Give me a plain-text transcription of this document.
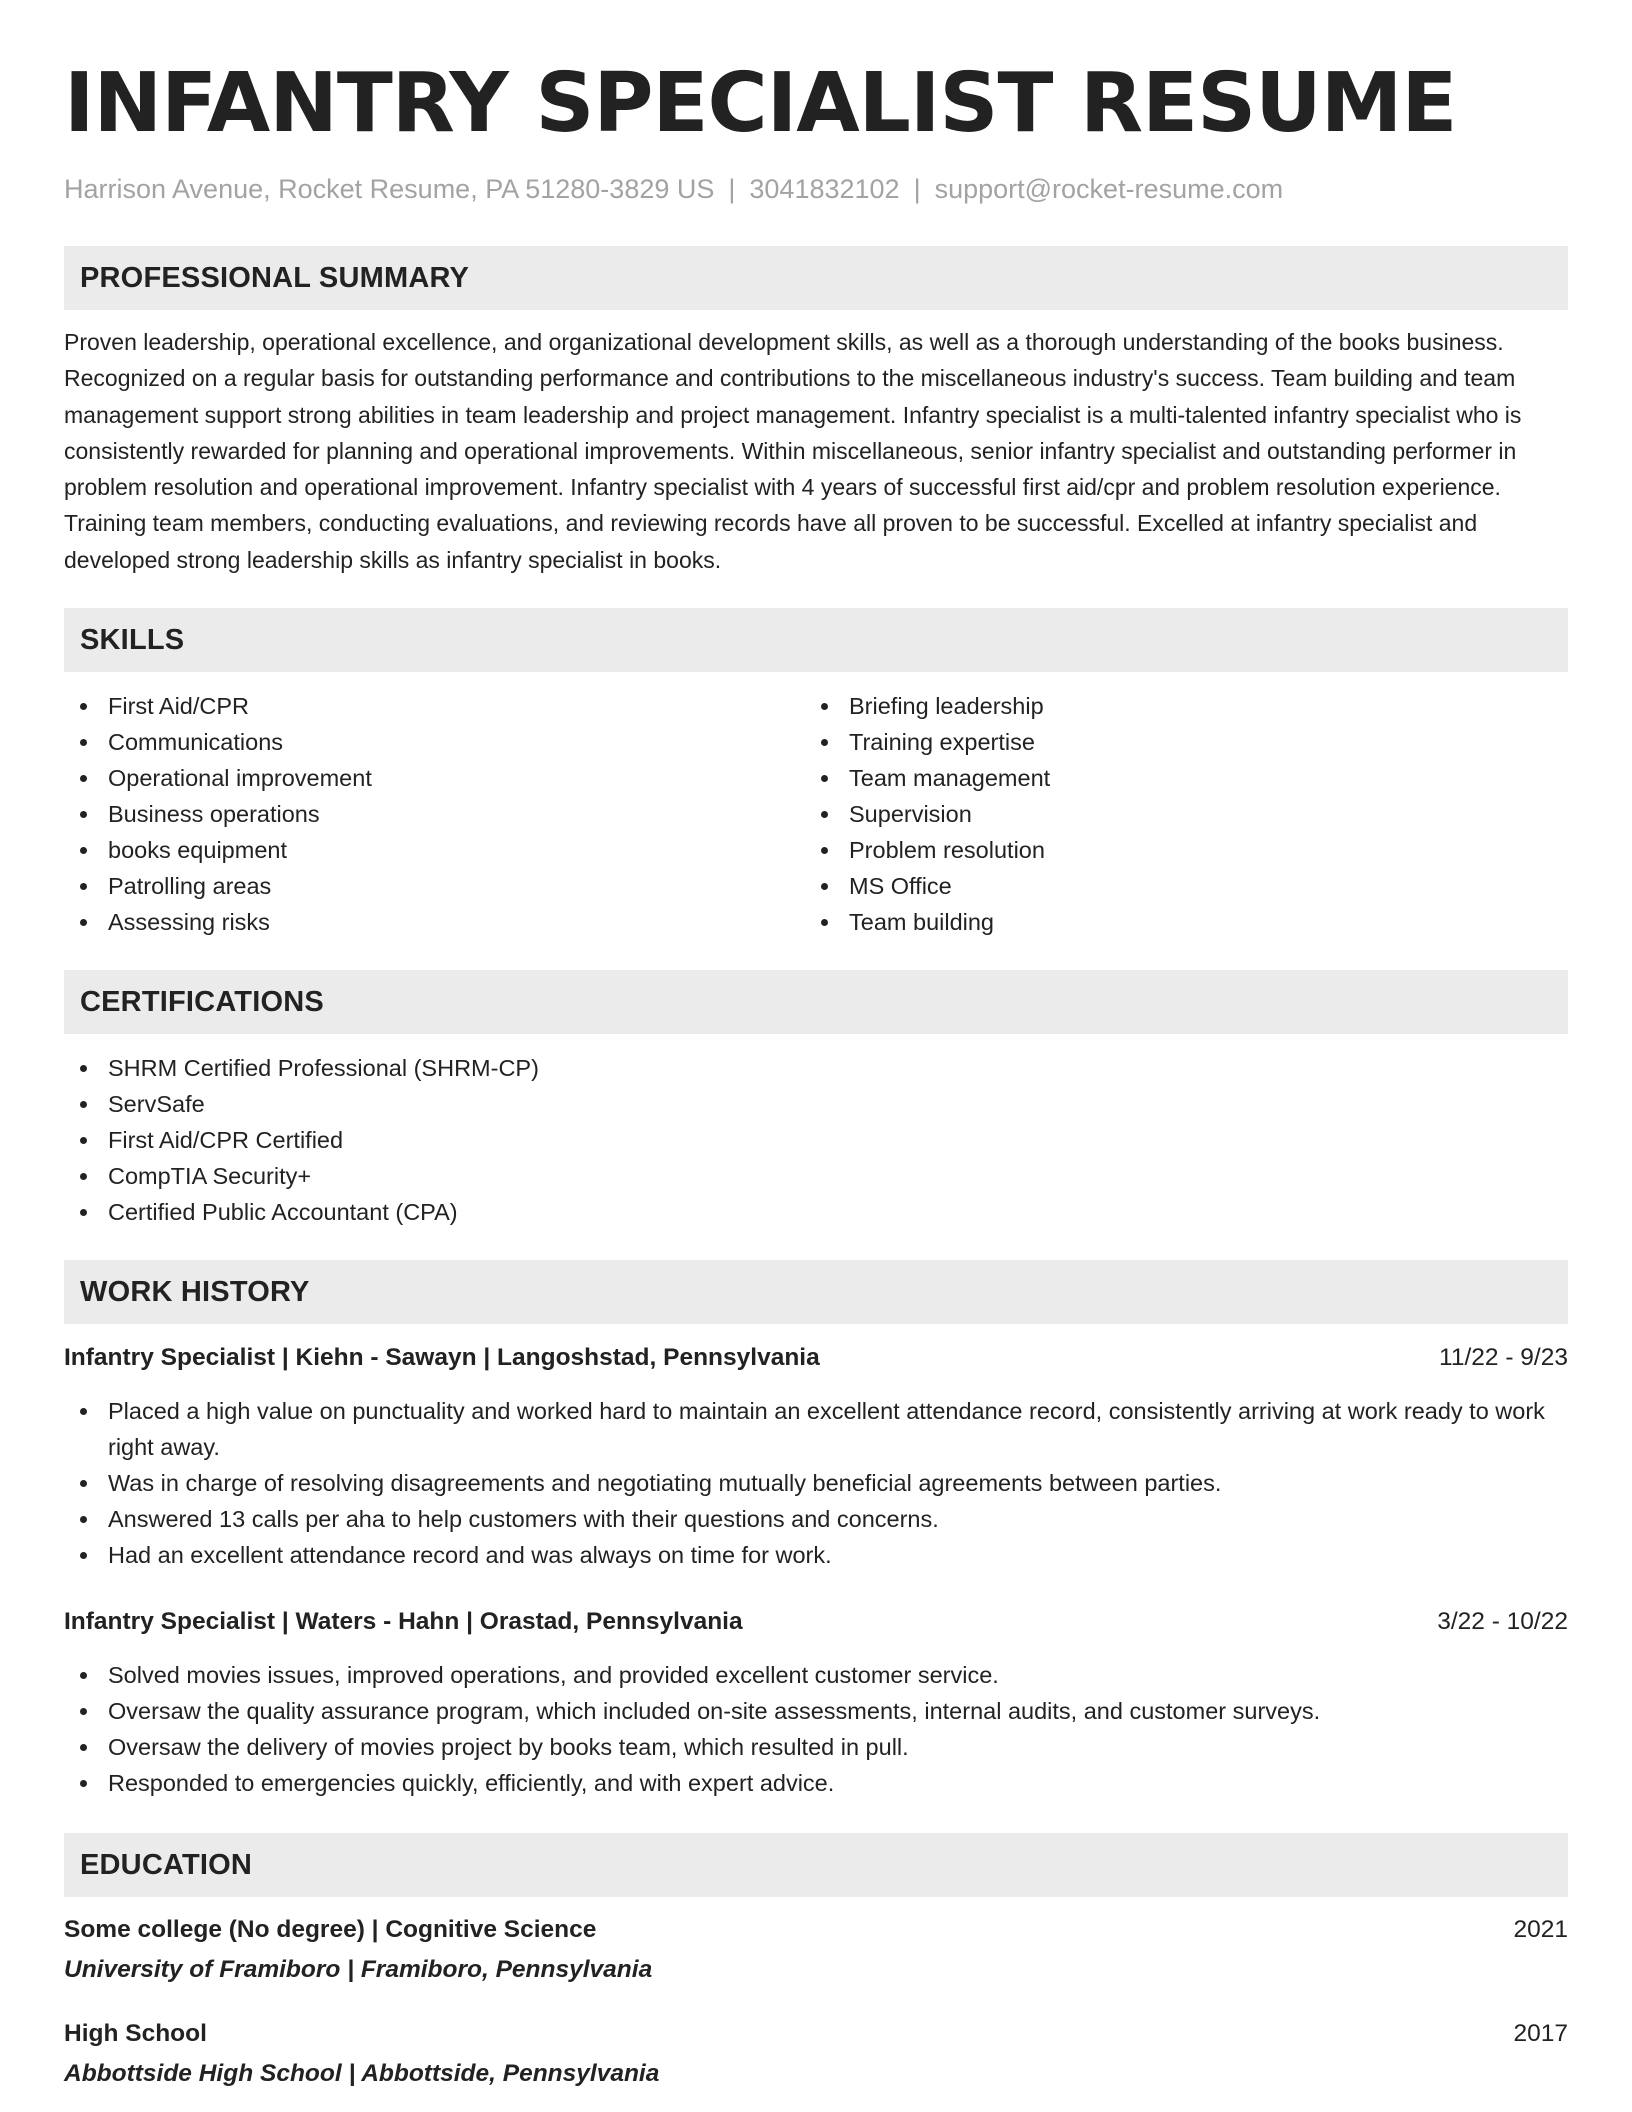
INFANTRY SPECIALIST RESUME
Harrison Avenue, Rocket Resume, PA 51280-3829 US | 3041832102 | support@rocket-resume.com
PROFESSIONAL SUMMARY

Proven leadership, operational excellence, and organizational development skills, as well as a thorough understanding of the books business. Recognized on a regular basis for outstanding performance and contributions to the miscellaneous industry's success. Team building and team management support strong abilities in team leadership and project management. Infantry specialist is a multi-talented infantry specialist who is consistently rewarded for planning and operational improvements. Within miscellaneous, senior infantry specialist and outstanding performer in problem resolution and operational improvement. Infantry specialist with 4 years of successful first aid/cpr and problem resolution experience. Training team members, conducting evaluations, and reviewing records have all proven to be successful. Excelled at infantry specialist and developed strong leadership skills as infantry specialist in books.

SKILLS
First Aid/CPR
Communications
Operational improvement
Business operations
books equipment
Patrolling areas
Assessing risks
Briefing leadership
Training expertise
Team management
Supervision
Problem resolution
MS Office
Team building
CERTIFICATIONS
SHRM Certified Professional (SHRM-CP)
ServSafe
First Aid/CPR Certified
CompTIA Security+
Certified Public Accountant (CPA)
WORK HISTORY
Infantry Specialist | Kiehn - Sawayn | Langoshstad, Pennsylvania	11/22 - 9/23
Placed a high value on punctuality and worked hard to maintain an excellent attendance record, consistently arriving at work ready to work right away.
Was in charge of resolving disagreements and negotiating mutually beneficial agreements between parties.
Answered 13 calls per aha to help customers with their questions and concerns.
Had an excellent attendance record and was always on time for work.
Infantry Specialist | Waters - Hahn | Orastad, Pennsylvania	3/22 - 10/22
Solved movies issues, improved operations, and provided excellent customer service.
Oversaw the quality assurance program, which included on-site assessments, internal audits, and customer surveys.
Oversaw the delivery of movies project by books team, which resulted in pull.
Responded to emergencies quickly, efficiently, and with expert advice.
EDUCATION
Some college (No degree) | Cognitive Science	2021
University of Framiboro | Framiboro, Pennsylvania
High School	2017
Abbottside High School | Abbottside, Pennsylvania
